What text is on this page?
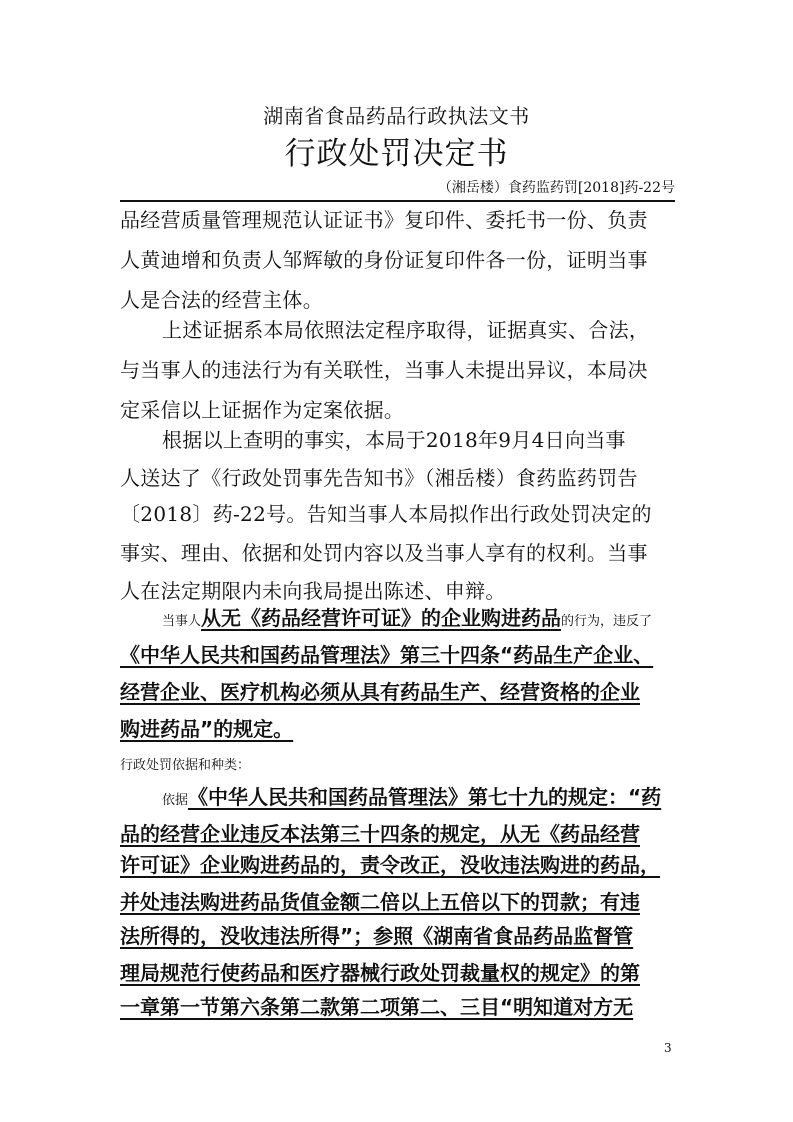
湖南省食品药品行政执法文书
行政处罚决定书
（湘岳楼）食药监药罚[2018]药-22号
品经营质量管理规范认证证书》复印件、委托书一份、负责
人黄迪增和负责人邹辉敏的身份证复印件各一份，证明当事
人是合法的经营主体。
上述证据系本局依照法定程序取得，证据真实、合法，
与当事人的违法行为有关联性，当事人未提出异议，本局决
定采信以上证据作为定案依据。
根据以上查明的事实，本局于2018年9月4日向当事
人送达了《行政处罚事先告知书》（湘岳楼）食药监药罚告
〔2018〕药-22号。告知当事人本局拟作出行政处罚决定的
事实、理由、依据和处罚内容以及当事人享有的权利。当事
人在法定期限内未向我局提出陈述、申辩。
当事人从无《药品经营许可证》的企业购进药品的行为，违反了
《中华人民共和国药品管理法》第三十四条“药品生产企业、
经营企业、医疗机构必须从具有药品生产、经营资格的企业
购进药品”的规定。
行政处罚依据和种类：
依据《中华人民共和国药品管理法》第七十九的规定：“药
品的经营企业违反本法第三十四条的规定，从无《药品经营
许可证》企业购进药品的，责令改正，没收违法购进的药品，
并处违法购进药品货值金额二倍以上五倍以下的罚款；有违
法所得的，没收违法所得”；参照《湖南省食品药品监督管
理局规范行使药品和医疗器械行政处罚裁量权的规定》的第
一章第一节第六条第二款第二项第二、三目“明知道对方无
3
